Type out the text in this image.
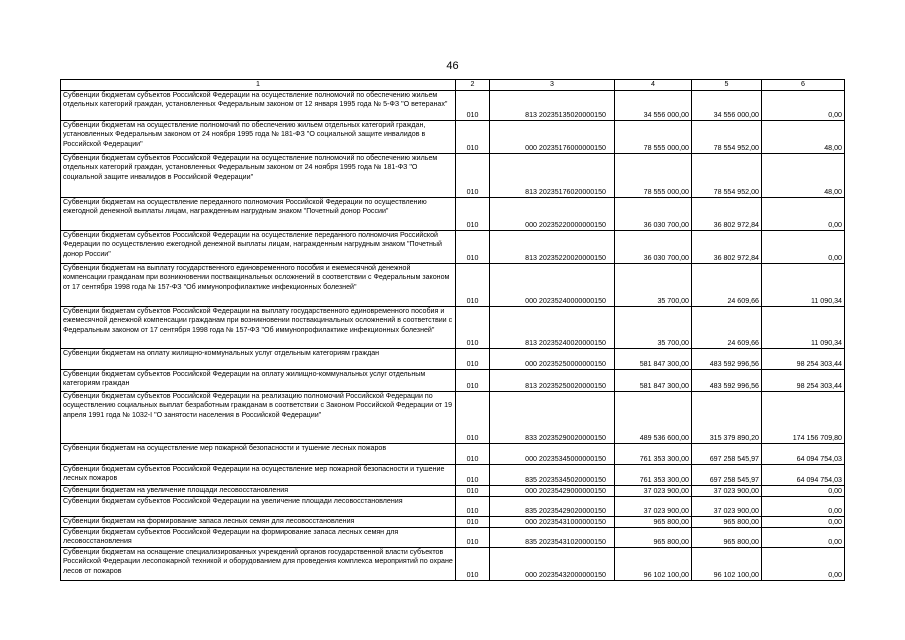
46
1	2	3	4	5	6
Субвенции бюджетам субъектов Российской Федерации на осуществление полномочий по обеспечению жильем отдельных категорий граждан, установленных Федеральным законом от 12 января 1995 года № 5-ФЗ "О ветеранах"	010	813 20235135020000150	34 556 000,00	34 556 000,00	0,00
Субвенции бюджетам на осуществление полномочий по обеспечению жильем отдельных категорий граждан, установленных Федеральным законом от 24 ноября 1995 года № 181-ФЗ "О социальной защите инвалидов в Российской Федерации"	010	000 20235176000000150	78 555 000,00	78 554 952,00	48,00
Субвенции бюджетам субъектов Российской Федерации на осуществление полномочий по обеспечению жильем отдельных категорий граждан, установленных Федеральным законом от 24 ноября 1995 года № 181-ФЗ "О социальной защите инвалидов в Российской Федерации"	010	813 20235176020000150	78 555 000,00	78 554 952,00	48,00
Субвенции бюджетам на осуществление переданного полномочия Российской Федерации по осуществлению ежегодной денежной выплаты лицам, награжденным нагрудным знаком "Почетный донор России"	010	000 20235220000000150	36 030 700,00	36 802 972,84	0,00
Субвенции бюджетам субъектов Российской Федерации на осуществление переданного полномочия Российской Федерации по осуществлению ежегодной денежной выплаты лицам, награжденным нагрудным знаком "Почетный донор России"	010	813 20235220020000150	36 030 700,00	36 802 972,84	0,00
Субвенции бюджетам на выплату государственного единовременного пособия и ежемесячной денежной компенсации гражданам при возникновении поствакцинальных осложнений в соответствии с Федеральным законом от 17 сентября 1998 года № 157-ФЗ "Об иммунопрофилактике инфекционных болезней"	010	000 20235240000000150	35 700,00	24 609,66	11 090,34
Субвенции бюджетам субъектов Российской Федерации на выплату государственного единовременного пособия и ежемесячной денежной компенсации гражданам при возникновении поствакцинальных осложнений в соответствии с Федеральным законом от 17 сентября 1998 года № 157-ФЗ "Об иммунопрофилактике инфекционных болезней"	010	813 20235240020000150	35 700,00	24 609,66	11 090,34
Субвенции бюджетам на оплату жилищно-коммунальных услуг отдельным категориям граждан	010	000 20235250000000150	581 847 300,00	483 592 996,56	98 254 303,44
Субвенции бюджетам субъектов Российской Федерации на оплату жилищно-коммунальных услуг отдельным категориям граждан	010	813 20235250020000150	581 847 300,00	483 592 996,56	98 254 303,44
Субвенции бюджетам субъектов Российской Федерации на реализацию полномочий Российской Федерации по осуществлению социальных выплат безработным гражданам в соответствии с Законом Российской Федерации от 19 апреля 1991 года № 1032-I "О занятости населения в Российской Федерации"	010	833 20235290020000150	489 536 600,00	315 379 890,20	174 156 709,80
Субвенции бюджетам на осуществление мер пожарной безопасности и тушение лесных пожаров	010	000 20235345000000150	761 353 300,00	697 258 545,97	64 094 754,03
Субвенции бюджетам субъектов Российской Федерации на осуществление мер пожарной безопасности и тушение лесных пожаров	010	835 20235345020000150	761 353 300,00	697 258 545,97	64 094 754,03
Субвенции бюджетам на увеличение площади лесовосстановления	010	000 20235429000000150	37 023 900,00	37 023 900,00	0,00
Субвенции бюджетам субъектов Российской Федерации на увеличение площади лесовосстановления	010	835 20235429020000150	37 023 900,00	37 023 900,00	0,00
Субвенции бюджетам на формирование запаса лесных семян для лесовосстановления	010	000 20235431000000150	965 800,00	965 800,00	0,00
Субвенции бюджетам субъектов Российской Федерации на формирование запаса лесных семян для лесовосстановления	010	835 20235431020000150	965 800,00	965 800,00	0,00
Субвенции бюджетам на оснащение специализированных учреждений органов государственной власти субъектов Российской Федерации лесопожарной техникой и оборудованием для проведения комплекса мероприятий по охране лесов от пожаров	010	000 20235432000000150	96 102 100,00	96 102 100,00	0,00
